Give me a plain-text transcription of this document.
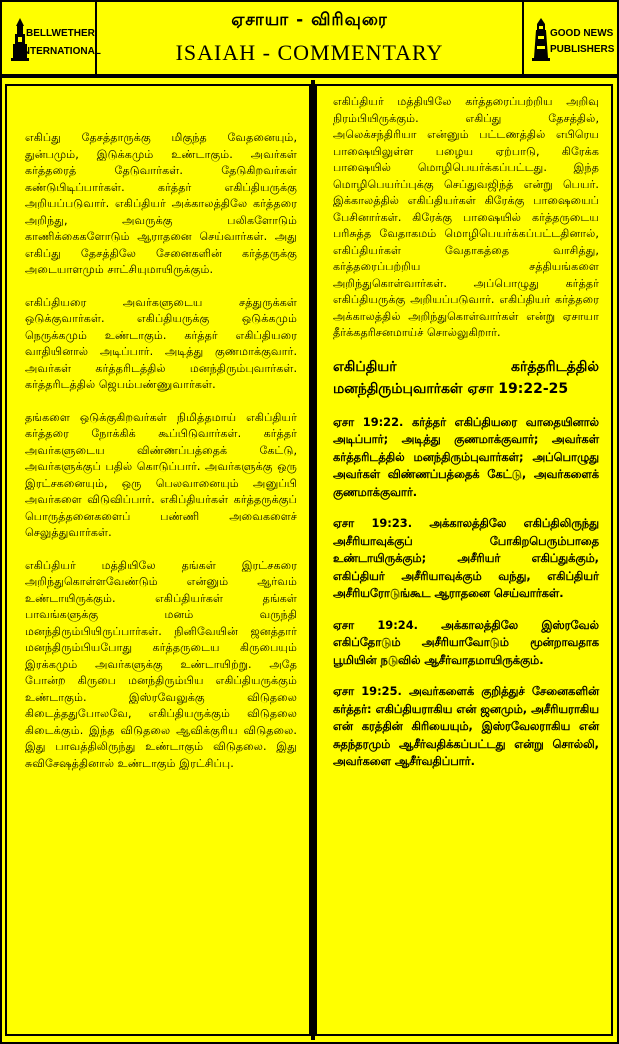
BELLWETHER
INTERNATIONAL
ஏசாயா - விரிவுரை
ISAIAH - COMMENTARY
GOOD NEWS
PUBLISHERS

எகிப்து தேசத்தாருக்கு மிகுந்த வேதனையும், துன்பமும், இடுக்கமும் உண்டாகும். அவர்கள் கர்த்தரைத் தேடுவார்கள். தேடுகிறவர்கள் கண்டுபிடிப்பார்கள். கர்த்தர் எகிப்தியருக்கு அறியப்படுவார். எகிப்தியர் அக்காலத்திலே கர்த்தரை அறிந்து, அவருக்கு பலிகளோடும் காணிக்கைகளோடும் ஆராதனை செய்வார்கள். அது எகிப்து தேசத்திலே சேனைகளின் கர்த்தருக்கு அடையாளமும் சாட்சியுமாயிருக்கும்.

எகிப்தியரை அவர்களுடைய சத்துருக்கள் ஒடுக்குவார்கள். எகிப்தியருக்கு ஒடுக்கமும் நெருக்கமும் உண்டாகும். கர்த்தர் எகிப்தியரை வாதியினால் அடிப்பார். அடித்து குணமாக்குவார். அவர்கள் கர்த்தரிடத்தில் மனந்திரும்புவார்கள். கர்த்தரிடத்தில் ஜெபம்பண்ணுவார்கள்.

தங்களை ஒடுக்குகிறவர்கள் நிமித்தமாய் எகிப்தியர் கர்த்தரை நோக்கிக் கூப்பிடுவார்கள். கர்த்தர் அவர்களுடைய விண்ணப்பத்தைக் கேட்டு, அவர்களுக்குப் பதில் கொடுப்பார். அவர்களுக்கு ஒரு இரட்சகனையும், ஒரு பெலவானையும் அனுப்பி அவர்களை விடுவிப்பார். எகிப்தியர்கள் கர்த்தருக்குப் பொருத்தனைகளைப் பண்ணி அவைகளைச் செலுத்துவார்கள்.

எகிப்தியர் மத்தியிலே தங்கள் இரட்சகரை அறிந்துகொள்ளவேண்டும் என்னும் ஆர்வம் உண்டாயிருக்கும். எகிப்தியர்கள் தங்கள் பாவங்களுக்கு மனம் வருந்தி மனந்திரும்பியிருப்பார்கள். நினிவேயின் ஜனத்தார் மனந்திரும்பியபோது கர்த்தருடைய கிருபையும் இரக்கமும் அவர்களுக்கு உண்டாயிற்று. அதே போன்ற கிருபை மனந்திரும்பிய எகிப்தியருக்கும் உண்டாகும். இஸ்ரவேலுக்கு விடுதலை கிடைத்ததுபோலவே, எகிப்தியருக்கும் விடுதலை கிடைக்கும். இந்த விடுதலை ஆவிக்குரிய விடுதலை. இது பாவத்திலிருந்து உண்டாகும் விடுதலை. இது சுவிசேஷத்தினால் உண்டாகும் இரட்சிப்பு.

எகிப்தியர் மத்தியிலே கர்த்தரைப்பற்றிய அறிவு நிரம்பியிருக்கும். எகிப்து தேசத்தில், அலெக்சந்திரியா என்னும் பட்டணத்தில் எபிரெய பாஷையிலுள்ள பழைய ஏற்பாடு, கிரேக்க பாஷையில் மொழிபெயர்க்கப்பட்டது. இந்த மொழிபெயர்ப்புக்கு செப்துவஜிந்த் என்று பெயர். இக்காலத்தில் எகிப்தியர்கள் கிரேக்கு பாஷையைப் பேசினார்கள். கிரேக்கு பாஷையில் கர்த்தருடைய பரிசுத்த வேதாகமம் மொழிபெயர்க்கப்பட்டதினால், எகிப்தியர்கள் வேதாகத்தை வாசித்து, கர்த்தரைப்பற்றிய சத்தியங்களை அறிந்துகொள்வார்கள். அப்பொழுது கர்த்தர் எகிப்தியருக்கு அறியப்படுவார். எகிப்தியர் கர்த்தரை அக்காலத்தில் அறிந்துகொள்வார்கள் என்று ஏசாயா தீர்க்கதரிசனமாய்ச் சொல்லுகிறார்.

எகிப்தியர் கர்த்தரிடத்தில் மனந்திரும்புவார்கள் ஏசா 19:22-25

ஏசா 19:22. கர்த்தர் எகிப்தியரை வாதையினால் அடிப்பார்; அடித்து குணமாக்குவார்; அவர்கள் கர்த்தரிடத்தில் மனந்திரும்புவார்கள்; அப்பொழுது அவர்கள் விண்ணப்பத்தைக் கேட்டு, அவர்களைக் குணமாக்குவார்.

ஏசா 19:23. அக்காலத்திலே எகிப்திலிருந்து அசீரியாவுக்குப் போகிறபெரும்பாதை உண்டாயிருக்கும்; அசீரியர் எகிப்துக்கும், எகிப்தியர் அசீரியாவுக்கும் வந்து, எகிப்தியர் அசீரியரோடுங்கூட ஆராதனை செய்வார்கள்.

ஏசா 19:24. அக்காலத்திலே இஸ்ரவேல் எகிப்தோடும் அசீரியாவோடும் மூன்றாவதாக பூமியின் நடுவில் ஆசீர்வாதமாயிருக்கும்.

ஏசா 19:25. அவர்களைக் குறித்துச் சேனைகளின் கர்த்தர்: எகிப்தியராகிய என் ஜனமும், அசீரியராகிய என் கரத்தின் கிரியையும், இஸ்ரவேலராகிய என் சுதந்தரமும் ஆசீர்வதிக்கப்பட்டது என்று சொல்லி, அவர்களை ஆசீர்வதிப்பார்.
